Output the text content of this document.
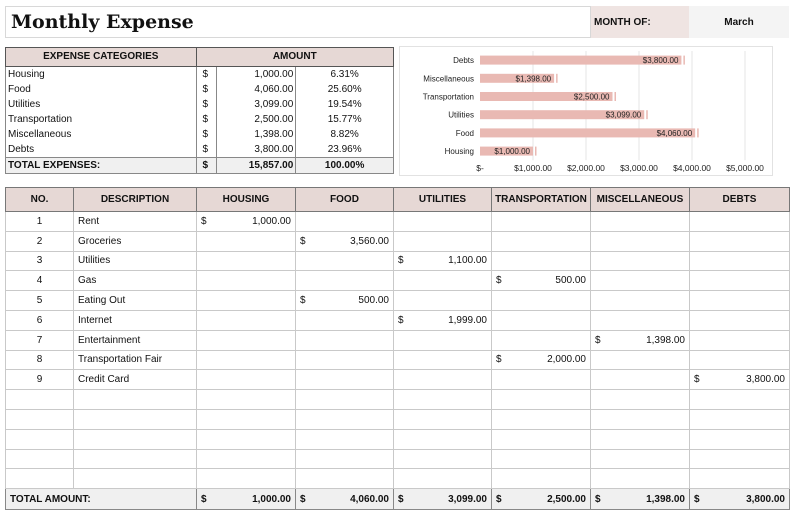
Monthly Expense	MONTH OF:	March
EXPENSE CATEGORIES	AMOUNT		
Housing	$	1,000.00	6.31%
Food	$	4,060.00	25.60%
Utilities	$	3,099.00	19.54%
Transportation	$	2,500.00	15.77%
Miscellaneous	$	1,398.00	8.82%
Debts	$	3,800.00	23.96%
TOTAL EXPENSES:	$	15,857.00	100.00%	$-	$1,000.00 $2,000.00 $3,000.00 $4,000.00 $5,000.00
Debts	$3,800.00
Miscellaneous	$1,398.00
Transportation	$2,500.00
Utilities	$3,099.00
Food	$4,060.00
Housing	$1,000.00
NO.	DESCRIPTION	HOUSING	FOOD	UTILITIES	TRANSPORTATION	MISCELLANEOUS	DEBTS
1	Rent	$ 1,000.00					

2	Groceries		$ 3,560.00				

3	Utilities			$ 1,100.00			

4	Gas				$ 500.00		

5	Eating Out		$ 500.00				

6	Internet			$ 1,999.00			

7	Entertainment					$ 1,398.00	

8	Transportation Fair				$ 2,000.00		

9	Credit Card						$ 3,800.00

TOTAL AMOUNT:		$ 1,000.00	$ 4,060.00	$ 3,099.00	$ 2,500.00	$ 1,398.00	$ 3,800.00
